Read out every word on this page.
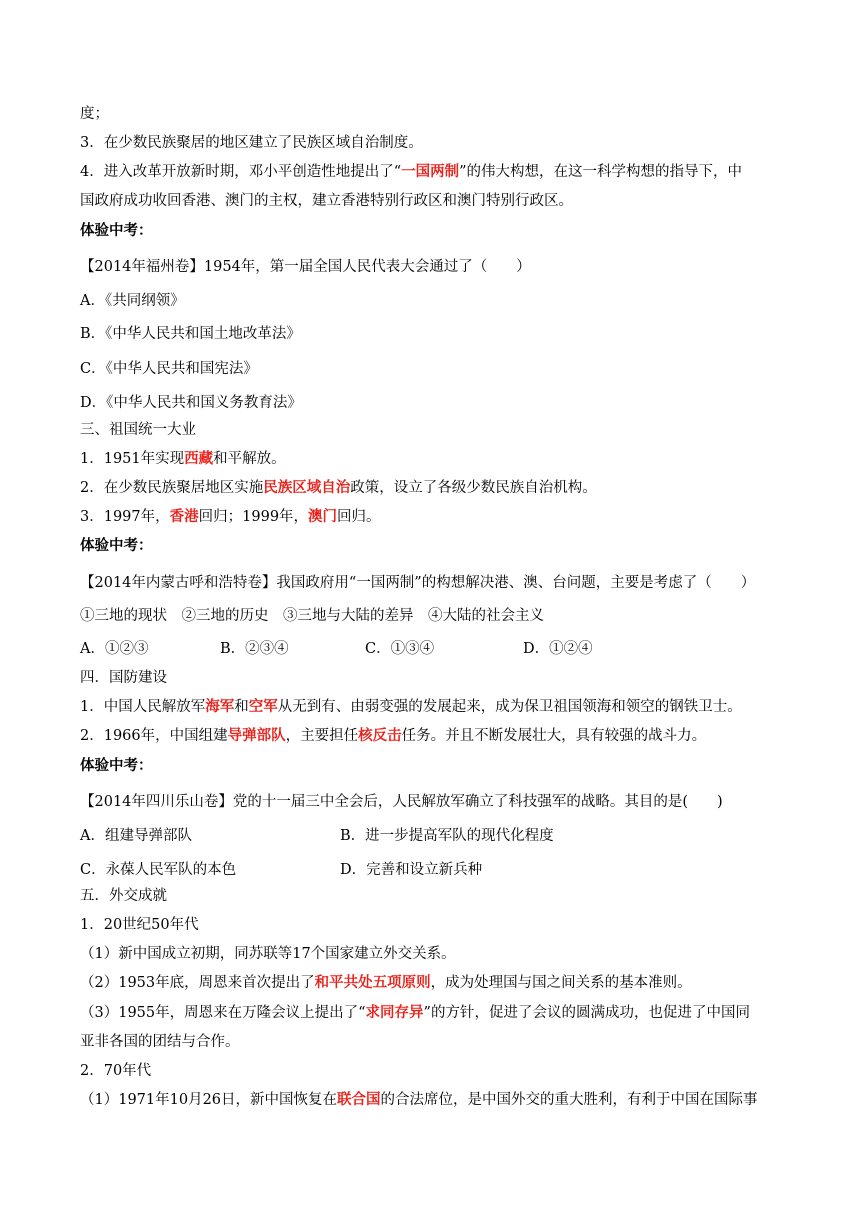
度；
3．在少数民族聚居的地区建立了民族区域自治制度。
4．进入改革开放新时期，邓小平创造性地提出了“一国两制”的伟大构想，在这一科学构想的指导下，中
国政府成功收回香港、澳门的主权，建立香港特别行政区和澳门特别行政区。
体验中考：
【2014年福州卷】1954年，第一届全国人民代表大会通过了（　　）
A．《共同纲领》
B．《中华人民共和国土地改革法》
C．《中华人民共和国宪法》
D．《中华人民共和国义务教育法》
三、祖国统一大业
1．1951年实现西藏和平解放。
2．在少数民族聚居地区实施民族区域自治政策，设立了各级少数民族自治机构。
3．1997年，香港回归；1999年，澳门回归。
体验中考：
【2014年内蒙古呼和浩特卷】我国政府用“一国两制”的构想解决港、澳、台问题，主要是考虑了（　　）
①三地的现状　②三地的历史　③三地与大陆的差异　④大陆的社会主义
A．①②③	B．②③④	C．①③④	D．①②④
四．国防建设
1．中国人民解放军海军和空军从无到有、由弱变强的发展起来，成为保卫祖国领海和领空的钢铁卫士。
2．1966年，中国组建导弹部队，主要担任核反击任务。并且不断发展壮大，具有较强的战斗力。
体验中考：
【2014年四川乐山卷】党的十一届三中全会后，人民解放军确立了科技强军的战略。其目的是(　　)
A．组建导弹部队	B．进一步提高军队的现代化程度
C．永葆人民军队的本色	D．完善和设立新兵种
五．外交成就
1．20世纪50年代
（1）新中国成立初期，同苏联等17个国家建立外交关系。
（2）1953年底，周恩来首次提出了和平共处五项原则，成为处理国与国之间关系的基本准则。
（3）1955年，周恩来在万隆会议上提出了“求同存异”的方针，促进了会议的圆满成功，也促进了中国同
亚非各国的团结与合作。
2．70年代
（1）1971年10月26日，新中国恢复在联合国的合法席位，是中国外交的重大胜利，有利于中国在国际事
